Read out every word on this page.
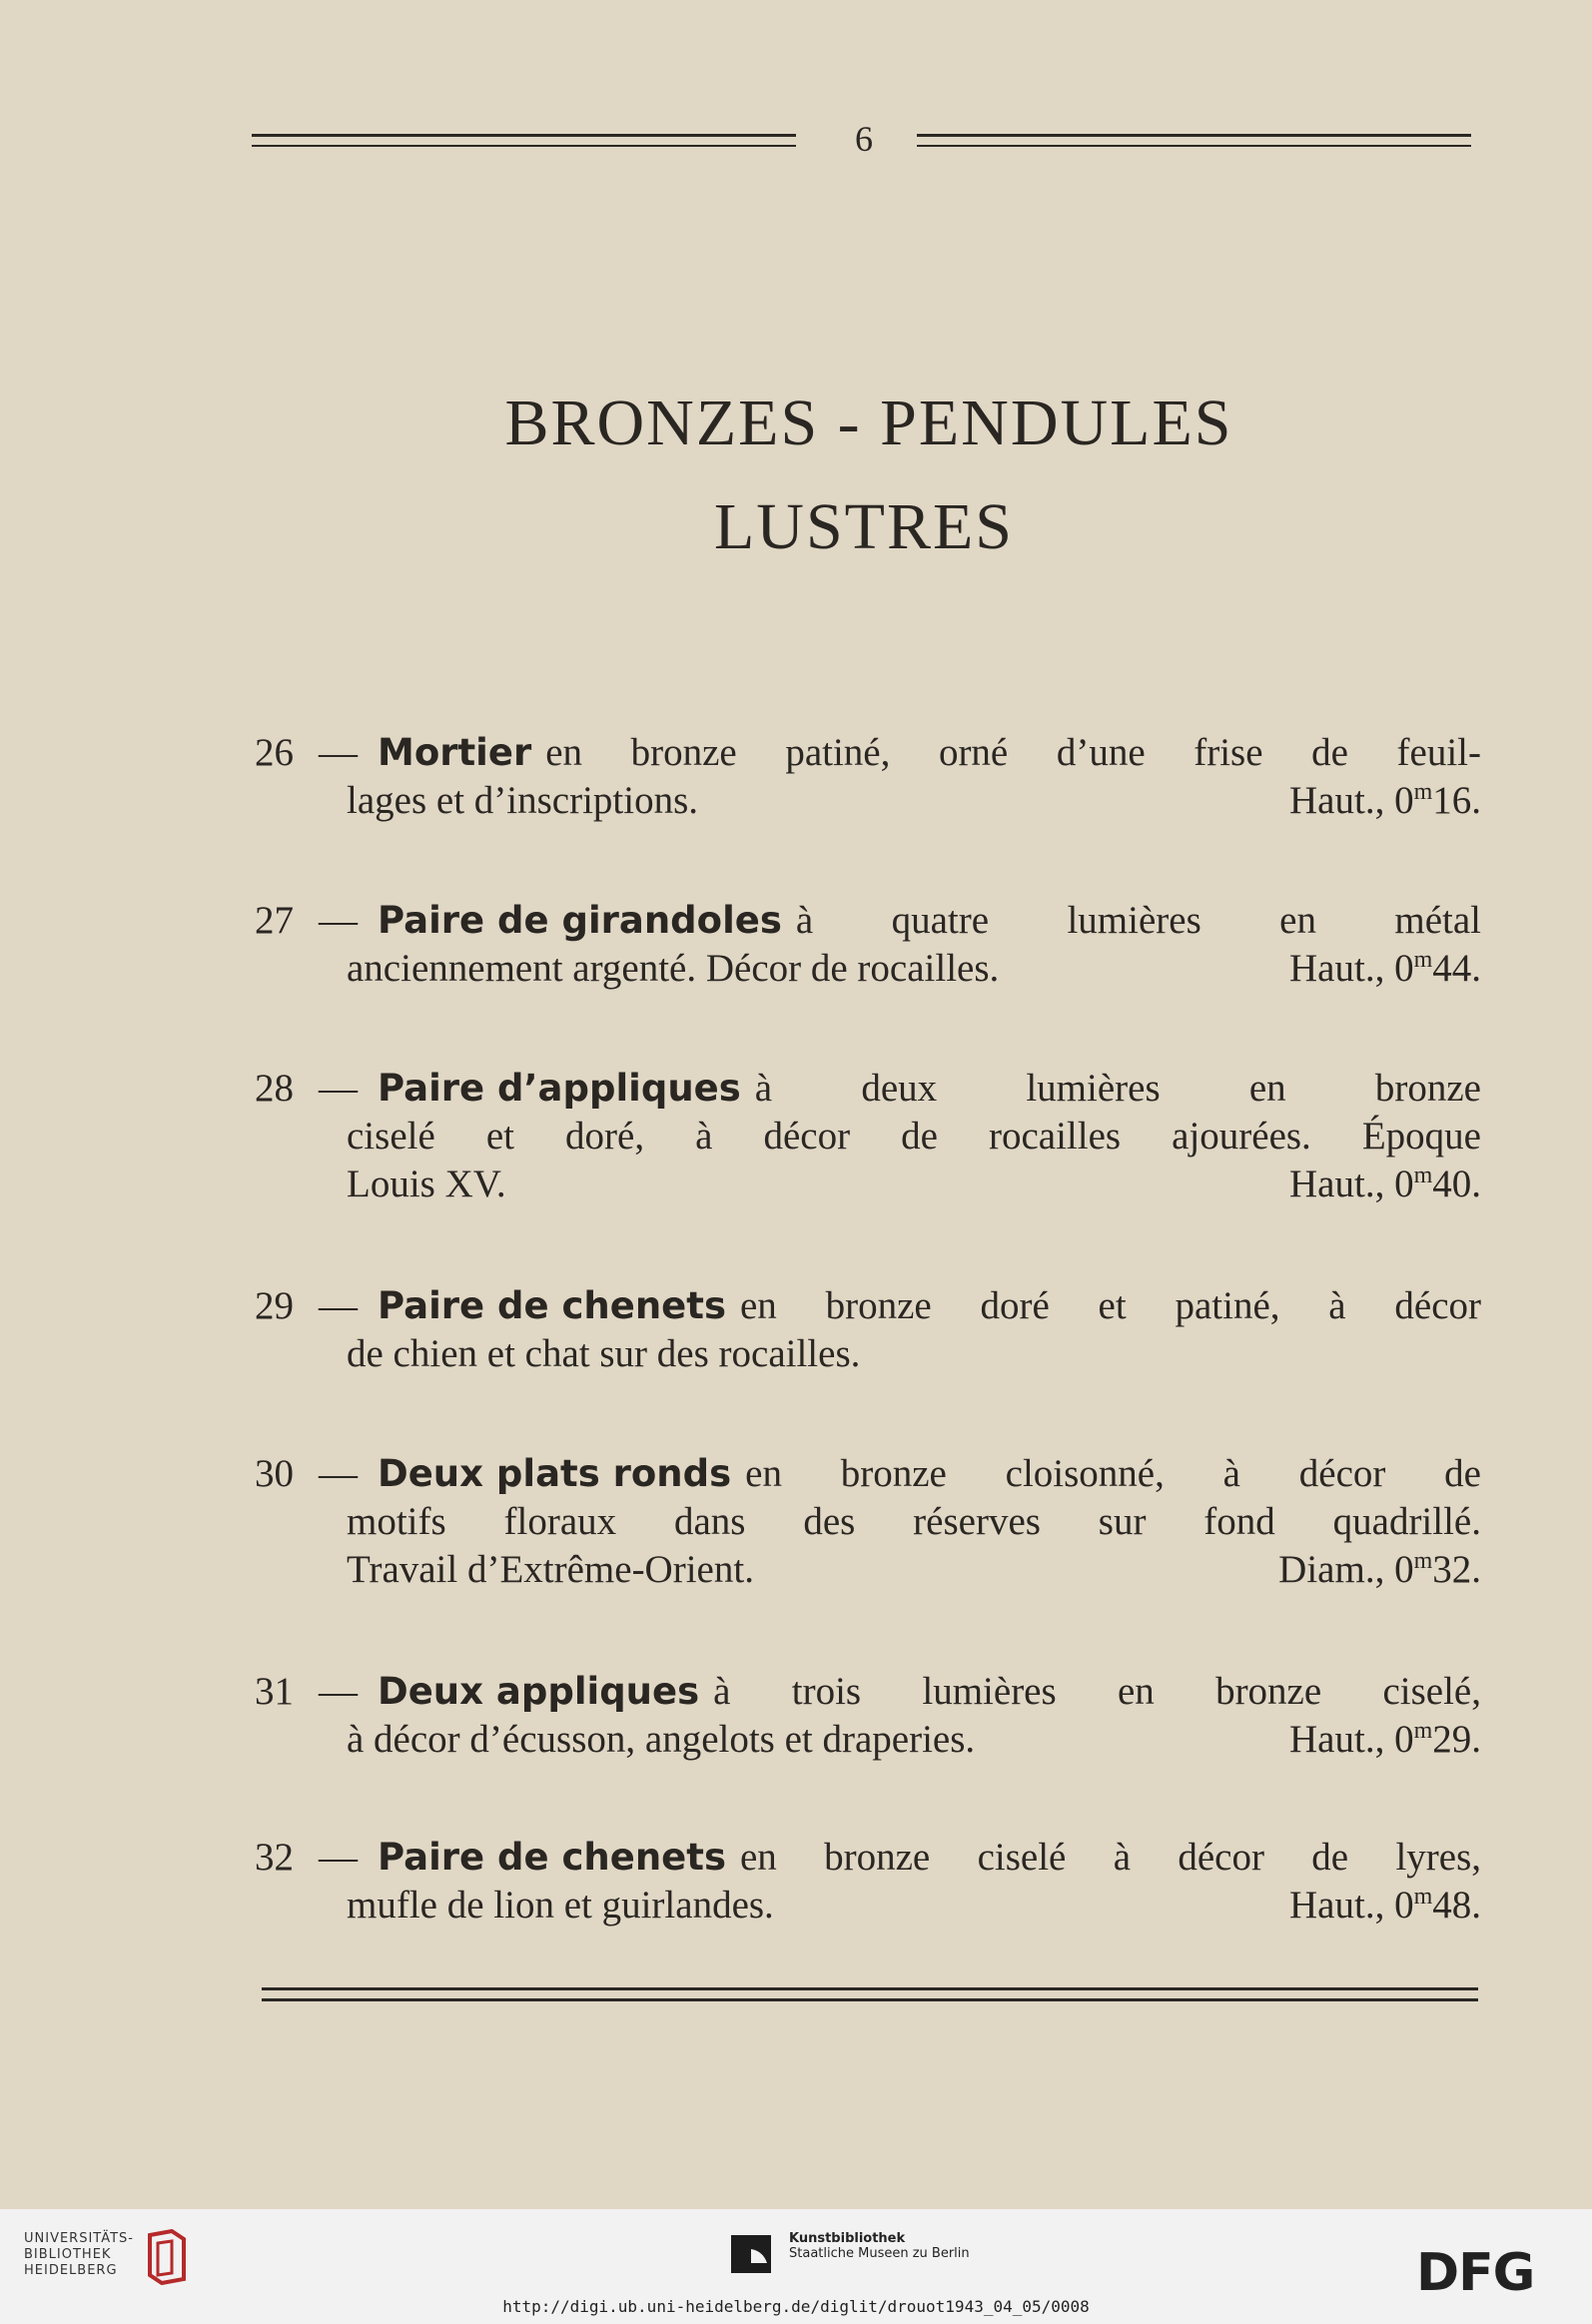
6
BRONZES - PENDULES
LUSTRES
26 — Mortier en bronze patiné, orné d’une frise de feuil-
lages et d’inscriptions.	Haut., 0$^m$16.
27 — Paire de girandoles à quatre lumières en métal
anciennement argenté. Décor de rocailles.	Haut., 0$^m$44.
28 — Paire d’appliques à deux lumières en bronze
ciselé et doré, à décor de rocailles ajourées. Époque
Louis XV.	Haut., 0$^m$40.
29 — Paire de chenets en bronze doré et patiné, à décor
de chien et chat sur des rocailles.
30 — Deux plats ronds en bronze cloisonné, à décor de
motifs floraux dans des réserves sur fond quadrillé.
Travail d’Extrême-Orient.	Diam., 0$^m$32.
31 — Deux appliques à trois lumières en bronze ciselé,
à décor d’écusson, angelots et draperies.	Haut., 0$^m$29.
32 — Paire de chenets en bronze ciselé à décor de lyres,
mufle de lion et guirlandes.	Haut., 0$^m$48.
UNIVERSITÄTS-
BIBLIOTHEK
HEIDELBERG
Kunstbibliothek
Staatliche Museen zu Berlin	DFG
http://digi.ub.uni-heidelberg.de/diglit/drouot1943_04_05/0008
